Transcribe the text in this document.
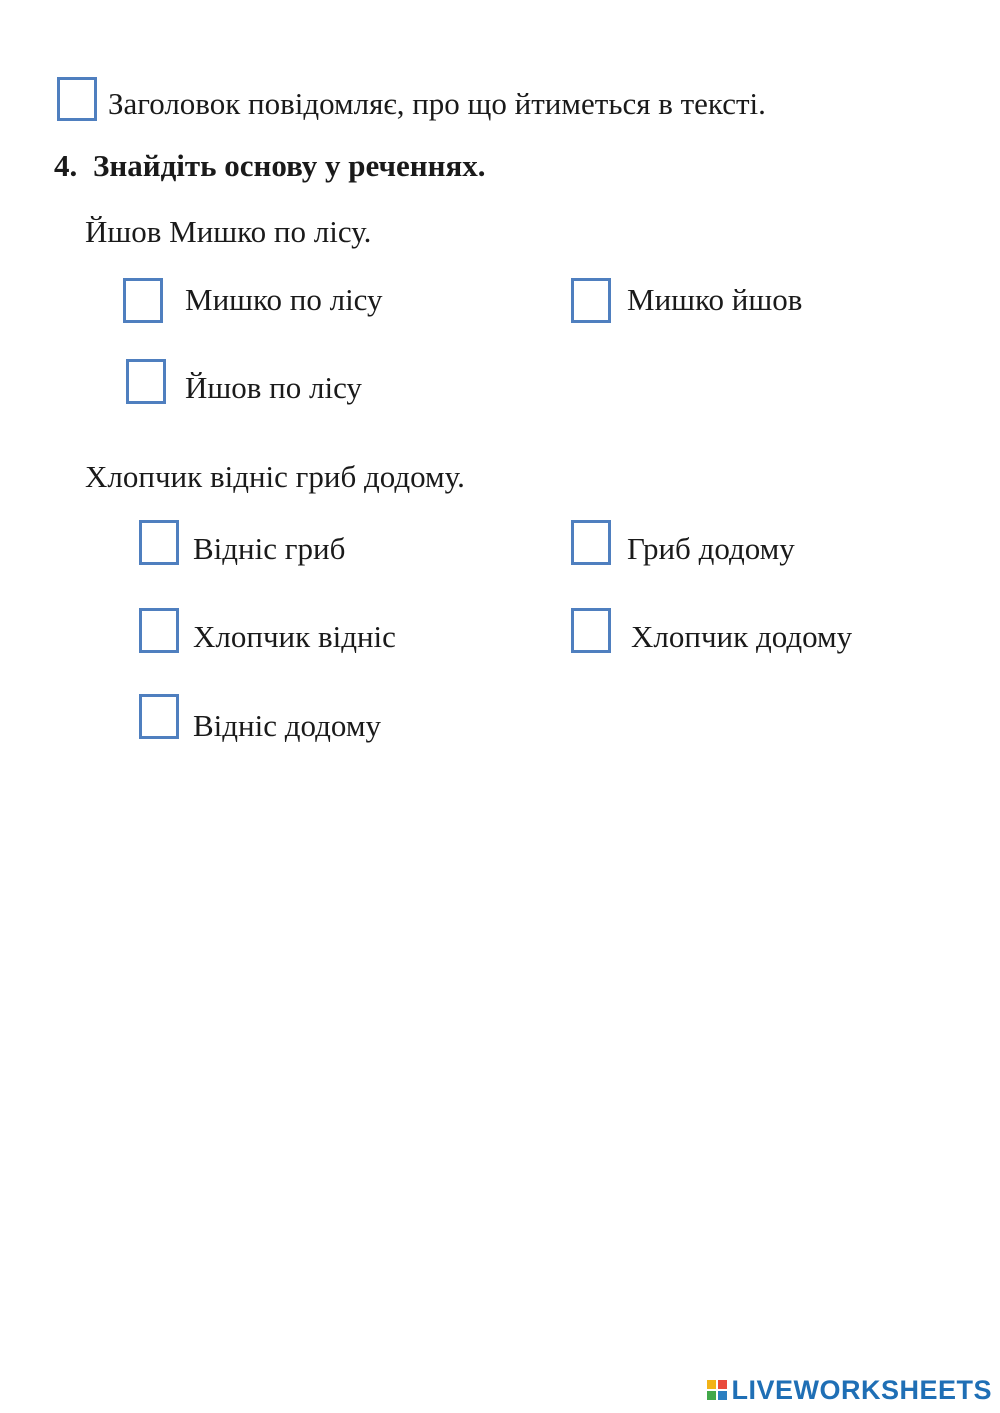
Заголовок повідомляє, про що йтиметься в тексті.
4. Знайдіть основу у реченнях.
Йшов Мишко по лісу.
Мишко по лісу	Мишко йшов
Йшов по лісу
Хлопчик відніс гриб додому.
Відніс гриб	Гриб додому
Хлопчик відніс	Хлопчик додому
Відніс додому
LIVEWORKSHEETS
